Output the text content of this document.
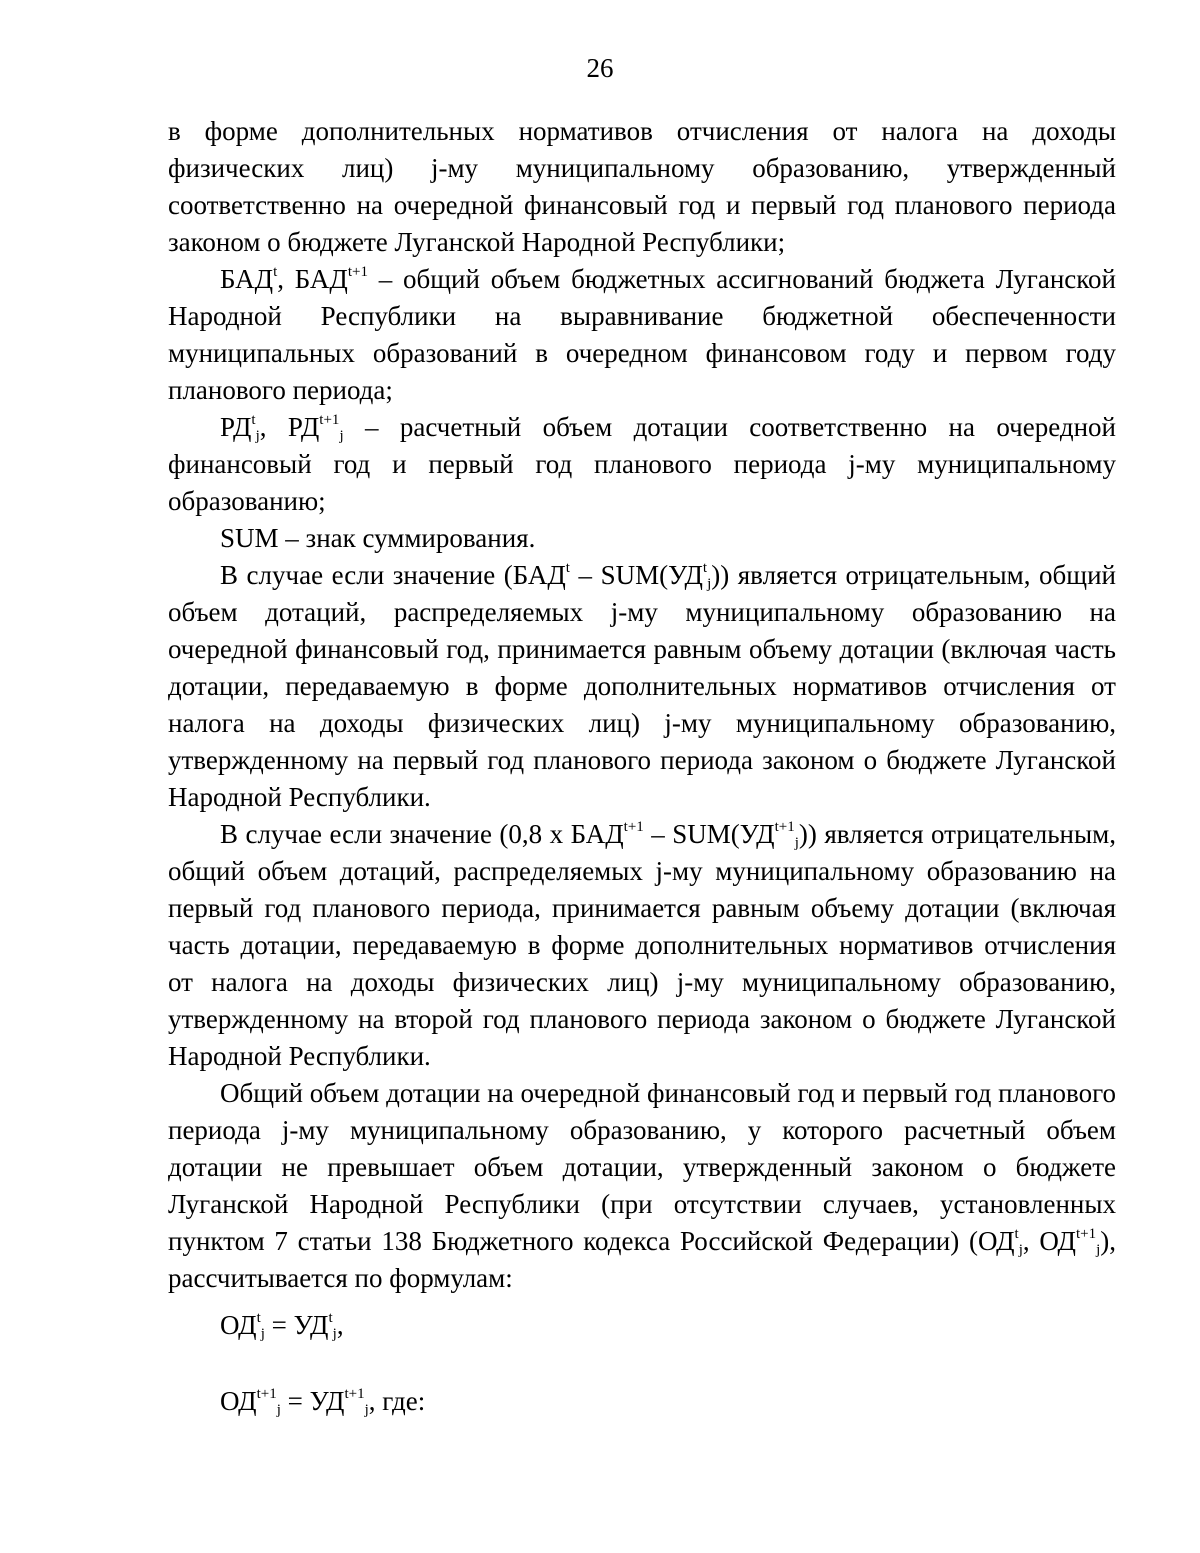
26

в форме дополнительных нормативов отчисления от налога на доходы физических лиц) j-му муниципальному образованию, утвержденный соответственно на очередной финансовый год и первый год планового периода законом о бюджете Луганской Народной Республики;

БАД$^t$, $БАД^{t+1}$ – общий объем бюджетных ассигнований бюджета Луганской Народной Республики на выравнивание бюджетной обеспеченности муниципальных образований в очередном финансовом году и первом году планового периода;

$РД^t_j$, $РД^{t+1}_j$ – расчетный объем дотации соответственно на очередной финансовый год и первый год планового периода j-му муниципальному образованию;

SUM – знак суммирования.

В случае если значение $(БАД^t - SUM(УД^t_j))$ является отрицательным, общий объем дотаций, распределяемых j-му муниципальному образованию на очередной финансовый год, принимается равным объему дотации (включая часть дотации, передаваемую в форме дополнительных нормативов отчисления от налога на доходы физических лиц) j-му муниципальному образованию, утвержденному на первый год планового периода законом о бюджете Луганской Народной Республики.

В случае если значение (0,8 x $БАД^{t+1} - SUM(УД^{t+1}_j)$) является отрицательным, общий объем дотаций, распределяемых j-му муниципальному образованию на первый год планового периода, принимается равным объему дотации (включая часть дотации, передаваемую в форме дополнительных нормативов отчисления от налога на доходы физических лиц) j-му муниципальному образованию, утвержденному на второй год планового периода законом о бюджете Луганской Народной Республики.

Общий объем дотации на очередной финансовый год и первый год планового периода j-му муниципальному образованию, у которого расчетный объем дотации не превышает объем дотации, утвержденный законом о бюджете Луганской Народной Республики (при отсутствии случаев, установленных пунктом 7 статьи 138 Бюджетного кодекса Российской Федерации) ($ОД^t_j$, $ОД^{t+1}_j$), рассчитывается по формулам:

$ОД^t_j = УД^t_j$,
$ОД^{t+1}_j = УД^{t+1}_j$, где:
